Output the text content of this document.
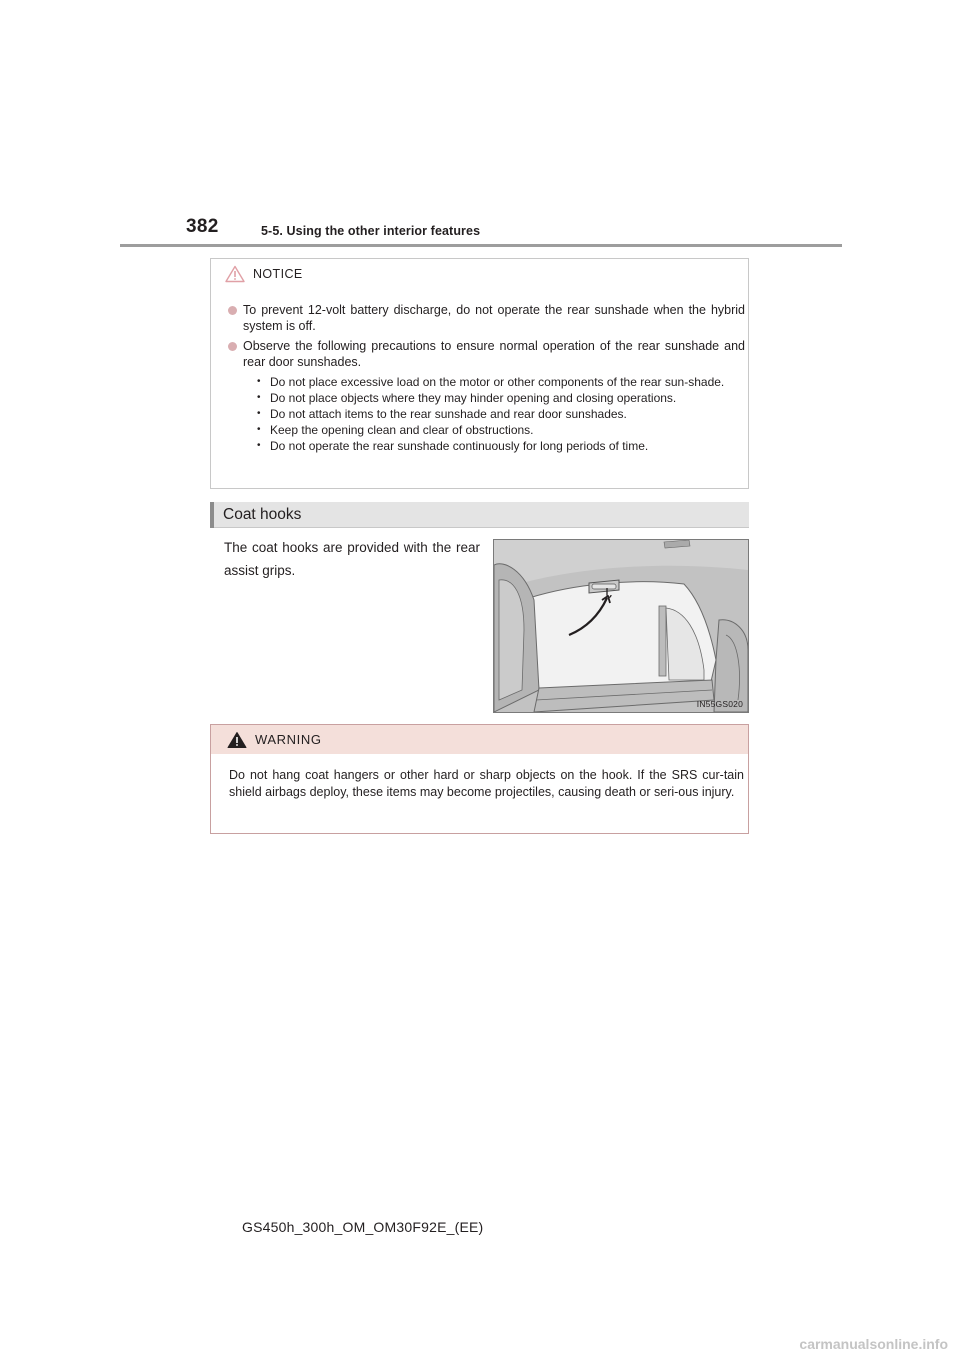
382	5-5. Using the other interior features
NOTICE
To prevent 12-volt battery discharge, do not operate the rear sunshade when the hybrid system is off.
Observe the following precautions to ensure normal operation of the rear sunshade and rear door sunshades.
• Do not place excessive load on the motor or other components of the rear sun-shade.
• Do not place objects where they may hinder opening and closing operations.
• Do not attach items to the rear sunshade and rear door sunshades.
• Keep the opening clean and clear of obstructions.
• Do not operate the rear sunshade continuously for long periods of time.
Coat hooks
The coat hooks are provided with the rear assist grips.
IN55GS020
WARNING
Do not hang coat hangers or other hard or sharp objects on the hook. If the SRS cur-tain shield airbags deploy, these items may become projectiles, causing death or seri-ous injury.
GS450h_300h_OM_OM30F92E_(EE)
carmanualsonline.info
